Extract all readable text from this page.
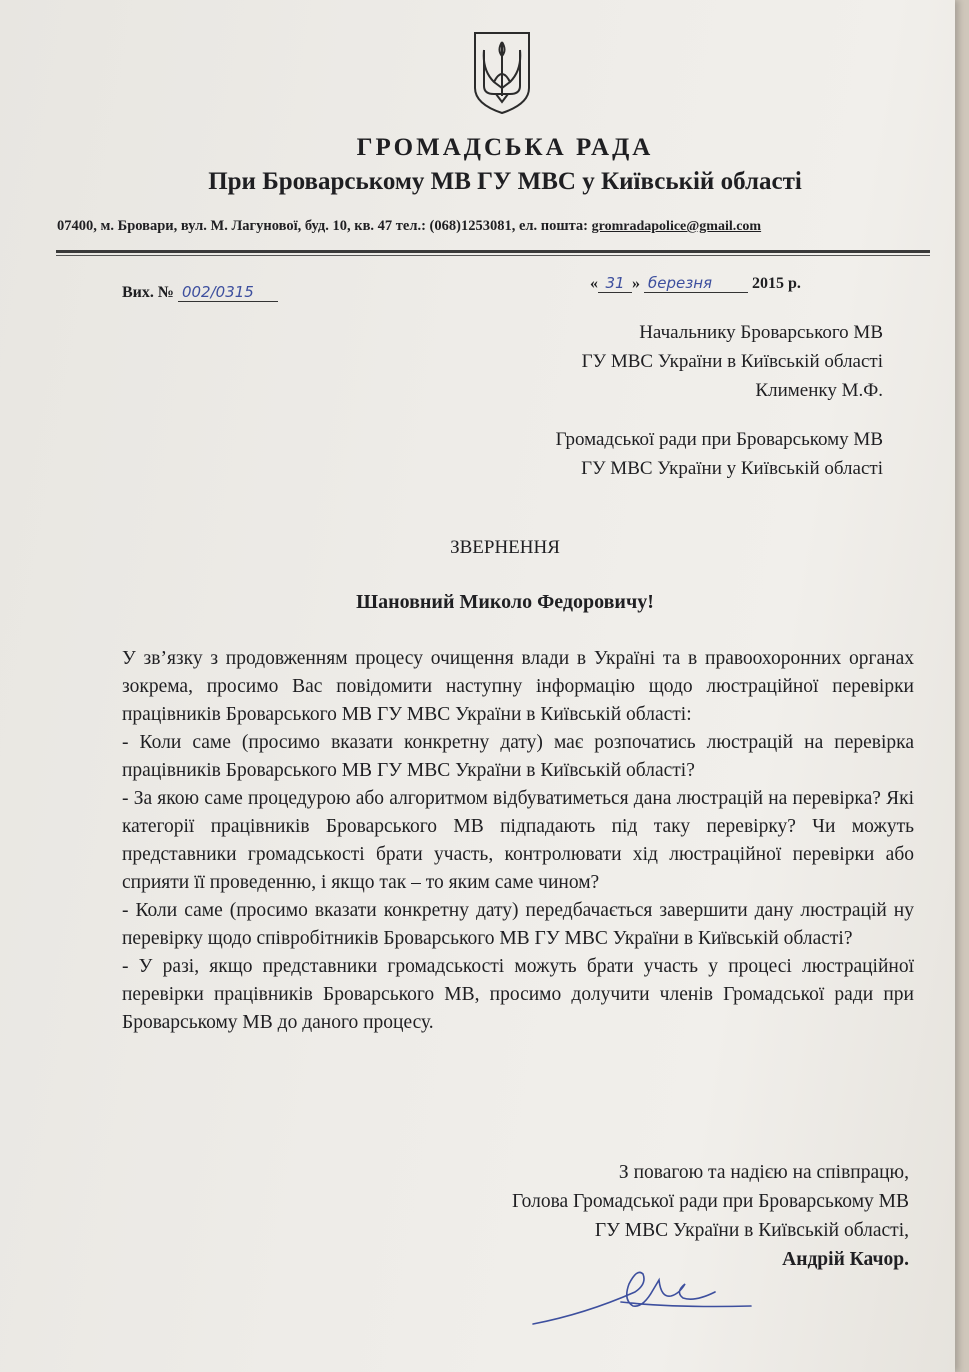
ГРОМАДСЬКА РАДА
При Броварському МВ ГУ МВС у Київській області
07400, м. Бровари, вул. М. Лагунової, буд. 10, кв. 47 тел.: (068)1253081, ел. пошта: gromradapolice@gmail.com
Вих. № 002/0315	« 31 » березня 2015 р.
Начальнику Броварського МВ
ГУ МВС України в Київській області
Клименку М.Ф.
Громадської ради при Броварському МВ
ГУ МВС України у Київській області
ЗВЕРНЕННЯ
Шановний Миколо Федоровичу!

У зв’язку з продовженням процесу очищення влади в Україні та в правоохоронних органах зокрема, просимо Вас повідомити наступну інформацію щодо люстраційної перевірки працівників Броварського МВ ГУ МВС України в Київській області:

- Коли саме (просимо вказати конкретну дату) має розпочатись люстрацій на перевірка працівників Броварського МВ ГУ МВС України в Київській області?

- За якою саме процедурою або алгоритмом відбуватиметься дана люстрацій на перевірка? Які категорії працівників Броварського МВ підпадають під таку перевірку? Чи можуть представники громадськості брати участь, контролювати хід люстраційної перевірки або сприяти її проведенню, і якщо так – то яким саме чином?

- Коли саме (просимо вказати конкретну дату) передбачається завершити дану люстрацій ну перевірку щодо співробітників Броварського МВ ГУ МВС України в Київській області?

- У разі, якщо представники громадськості можуть брати участь у процесі люстраційної перевірки працівників Броварського МВ, просимо долучити членів Громадської ради при Броварському МВ до даного процесу.

З повагою та надією на співпрацю,
Голова Громадської ради при Броварському МВ
ГУ МВС України в Київській області,
Андрій Качор.
